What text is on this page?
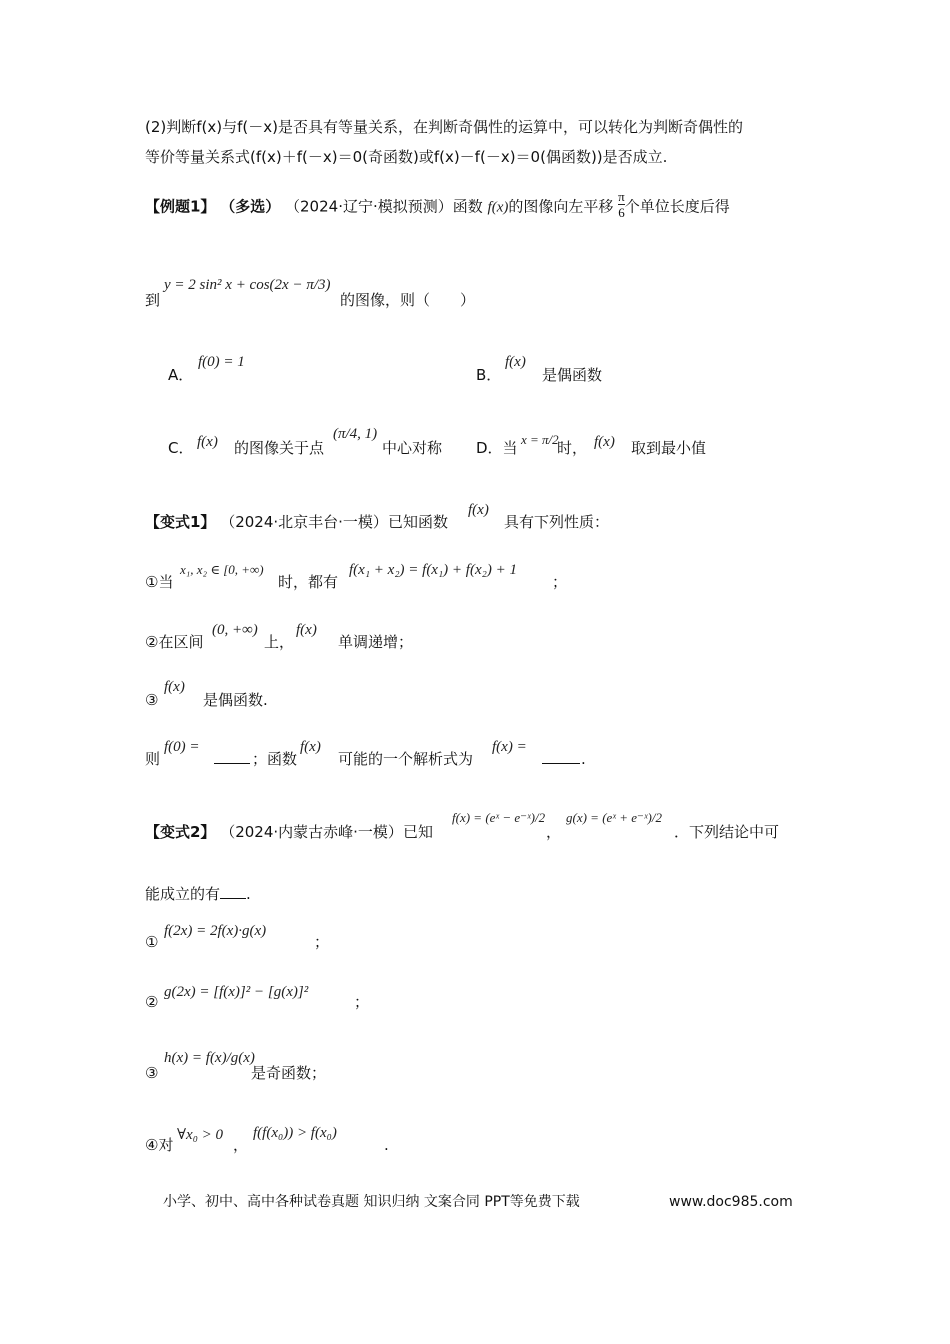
(2)判断f(x)与f(－x)是否具有等量关系，在判断奇偶性的运算中，可以转化为判断奇偶性的
等价等量关系式(f(x)＋f(－x)＝0(奇函数)或f(x)－f(－x)＝0(偶函数))是否成立.
【例题1】 （多选） （2024·辽宁·模拟预测）函数 f(x)的图像向左平移 $\frac{\pi}{6}$ 个单位长度后得
到
y = 2 sin² x + cos(2x − π/3)
的图像，则（　　）
A．
f(0) = 1
B．
f(x)
是偶函数
C． f(x) 的图像关于点
(π/4, 1)
中心对称 D．当 x = π/2
时， f(x) 取到最小值
【变式1】 （2024·北京丰台·一模）已知函数
f(x)
具有下列性质：
①当
x₁, x₂ ∈ [0, +∞)
时，都有
f(x₁ + x₂) = f(x₁) + f(x₂) + 1
；
②在区间
(0, +∞)
上，
f(x)
单调递增；
③
f(x)
是偶函数.
则
f(0) =
；函数
f(x)
可能的一个解析式为
f(x) =
.
【变式2】 （2024·内蒙古赤峰·一模）已知
f(x) = (eˣ − e⁻ˣ)/2
，
g(x) = (eˣ + e⁻ˣ)/2
．下列结论中可
能成立的有 .
①
f(2x) = 2f(x)·g(x)
；
②
g(2x) = [f(x)]² − [g(x)]²
；
③
h(x) = f(x)/g(x)
是奇函数；
④对
∀x₀ > 0
，
f(f(x₀)) > f(x₀)
.
小学、初中、高中各种试卷真题 知识归纳 文案合同 PPT等免费下载	www.doc985.com
